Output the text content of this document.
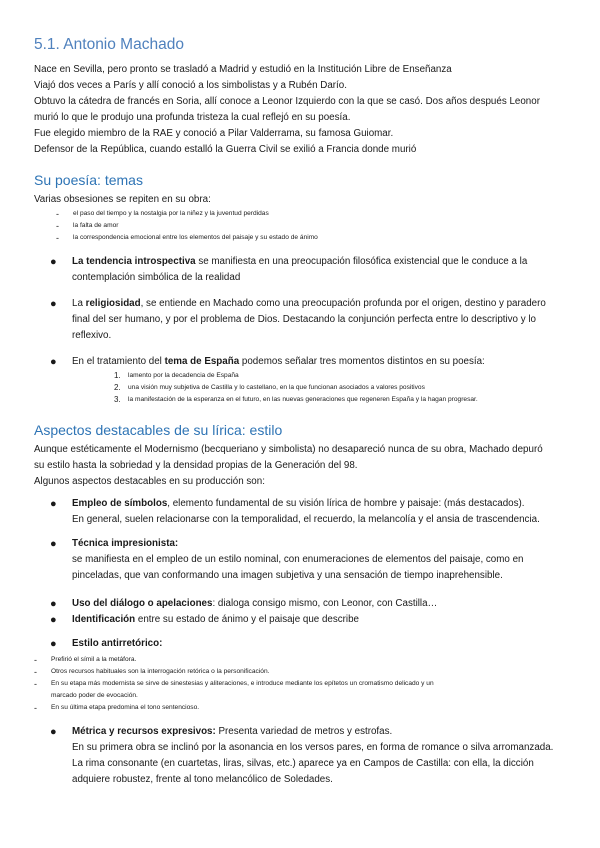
5.1. Antonio Machado

Nace en Sevilla, pero pronto se trasladó a Madrid y estudió en la Institución Libre de Enseñanza

Viajó dos veces a París y allí conoció a los simbolistas y a Rubén Darío.

Obtuvo la cátedra de francés en Soria, allí conoce a Leonor Izquierdo con la que se casó. Dos años después Leonor

murió lo que le produjo una profunda tristeza la cual reflejó en su poesía.

Fue elegido miembro de la RAE y conoció a Pilar Valderrama, su famosa Guiomar.

Defensor de la República, cuando estalló la Guerra Civil se exilió a Francia donde murió

Su poesía: temas

Varias obsesiones se repiten en su obra:

-	el paso del tiempo y la nostalgia por la niñez y la juventud perdidas
-	la falta de amor
-	la correspondencia emocional entre los elementos del paisaje y su estado de ánimo
●	La tendencia introspectiva se manifiesta en una preocupación filosófica existencial que le conduce a la
contemplación simbólica de la realidad
●	La religiosidad, se entiende en Machado como una preocupación profunda por el origen, destino y paradero
final del ser humano, y por el problema de Dios. Destacando la conjunción perfecta entre lo descriptivo y lo
reflexivo.
●	En el tratamiento del tema de España podemos señalar tres momentos distintos en su poesía:
1.	lamento por la decadencia de España
2.	una visión muy subjetiva de Castilla y lo castellano, en la que funcionan asociados a valores positivos
3.	la manifestación de la esperanza en el futuro, en las nuevas generaciones que regeneren España y la hagan progresar.
Aspectos destacables de su lírica: estilo

Aunque estéticamente el Modernismo (becqueriano y simbolista) no desapareció nunca de su obra, Machado depuró

su estilo hasta la sobriedad y la densidad propias de la Generación del 98.

Algunos aspectos destacables en su producción son:

●	Empleo de símbolos, elemento fundamental de su visión lírica de hombre y paisaje: (más destacados).
En general, suelen relacionarse con la temporalidad, el recuerdo, la melancolía y el ansia de trascendencia.
●	Técnica impresionista:
se manifiesta en el empleo de un estilo nominal, con enumeraciones de elementos del paisaje, como en
pinceladas, que van conformando una imagen subjetiva y una sensación de tiempo inaprehensible.
●	Uso del diálogo o apelaciones: dialoga consigo mismo, con Leonor, con Castilla…
●	Identificación entre su estado de ánimo y el paisaje que describe
●	Estilo antirretórico:
-	Prefirió el símil a la metáfora.
-	Otros recursos habituales son la interrogación retórica o la personificación.
-	En su etapa más modernista se sirve de sinestesias y aliteraciones, e introduce mediante los epítetos un cromatismo delicado y un
marcado poder de evocación.
-	En su última etapa predomina el tono sentencioso.
●	Métrica y recursos expresivos: Presenta variedad de metros y estrofas.
En su primera obra se inclinó por la asonancia en los versos pares, en forma de romance o silva arromanzada.
La rima consonante (en cuartetas, liras, silvas, etc.) aparece ya en Campos de Castilla: con ella, la dicción
adquiere robustez, frente al tono melancólico de Soledades.
